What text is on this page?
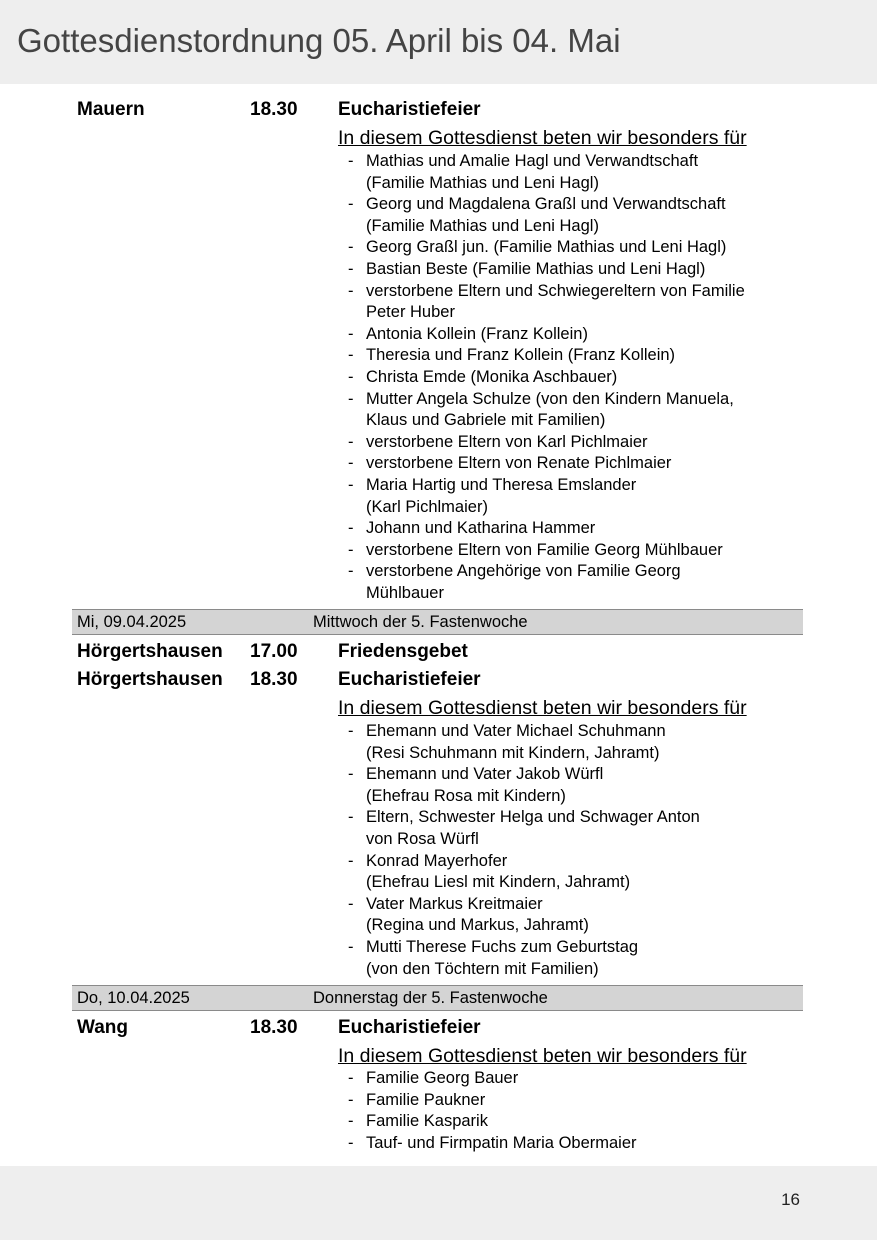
Gottesdienstordnung 05. April bis 04. Mai
Mauern	18.30 Eucharistiefeier
In diesem Gottesdienst beten wir besonders für
- Mathias und Amalie Hagl und Verwandtschaft
(Familie Mathias und Leni Hagl)
- Georg und Magdalena Graßl und Verwandtschaft
(Familie Mathias und Leni Hagl)
- Georg Graßl jun. (Familie Mathias und Leni Hagl)
- Bastian Beste (Familie Mathias und Leni Hagl)
- verstorbene Eltern und Schwiegereltern von Familie
Peter Huber
- Antonia Kollein (Franz Kollein)
- Theresia und Franz Kollein (Franz Kollein)
- Christa Emde (Monika Aschbauer)
- Mutter Angela Schulze (von den Kindern Manuela,
Klaus und Gabriele mit Familien)
- verstorbene Eltern von Karl Pichlmaier
- verstorbene Eltern von Renate Pichlmaier
- Maria Hartig und Theresa Emslander
(Karl Pichlmaier)
- Johann und Katharina Hammer
- verstorbene Eltern von Familie Georg Mühlbauer
- verstorbene Angehörige von Familie Georg
Mühlbauer
Mi, 09.04.2025	Mittwoch der 5. Fastenwoche
Hörgertshausen 17.00 Friedensgebet
Hörgertshausen 18.30 Eucharistiefeier
In diesem Gottesdienst beten wir besonders für
- Ehemann und Vater Michael Schuhmann
(Resi Schuhmann mit Kindern, Jahramt)
- Ehemann und Vater Jakob Würfl
(Ehefrau Rosa mit Kindern)
- Eltern, Schwester Helga und Schwager Anton
von Rosa Würfl
- Konrad Mayerhofer
(Ehefrau Liesl mit Kindern, Jahramt)
- Vater Markus Kreitmaier
(Regina und Markus, Jahramt)
- Mutti Therese Fuchs zum Geburtstag
(von den Töchtern mit Familien)
Do, 10.04.2025	Donnerstag der 5. Fastenwoche
Wang	18.30 Eucharistiefeier
In diesem Gottesdienst beten wir besonders für
- Familie Georg Bauer
- Familie Paukner
- Familie Kasparik
- Tauf- und Firmpatin Maria Obermaier
16
